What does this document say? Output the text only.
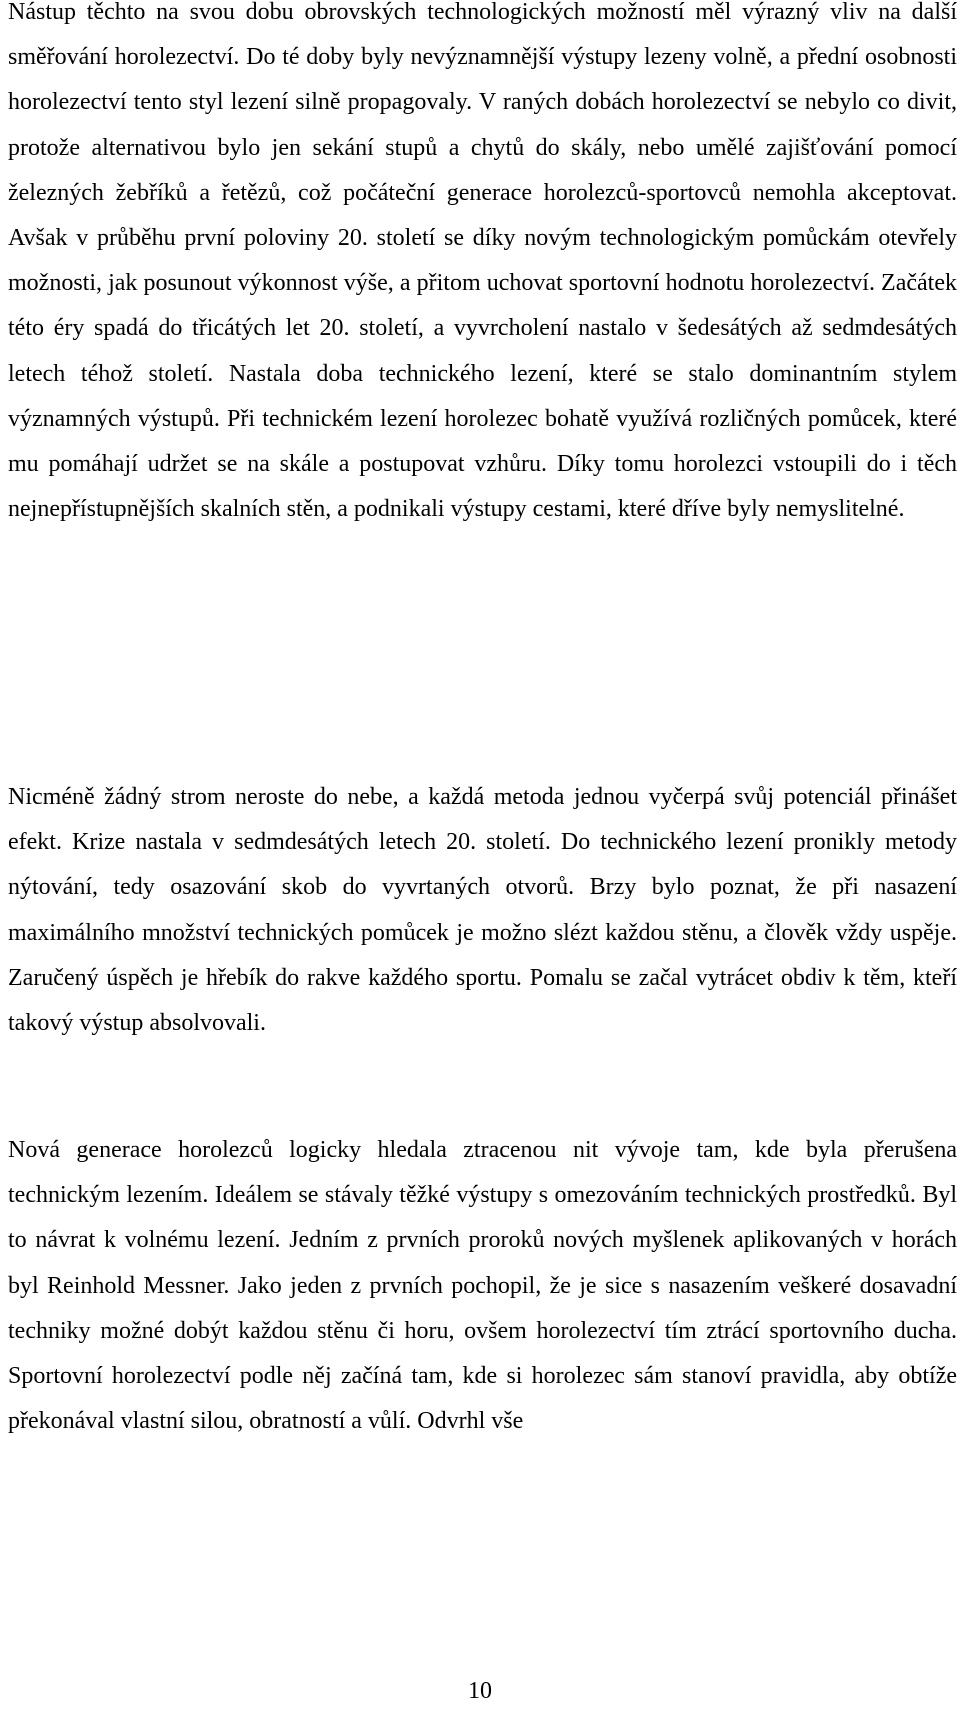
Nástup těchto na svou dobu obrovských technologických možností měl výrazný vliv na další směřování horolezectví. Do té doby byly nevýznamnější výstupy lezeny volně, a přední osobnosti horolezectví tento styl lezení silně propagovaly. V raných dobách horolezectví se nebylo co divit, protože alternativou bylo jen sekání stupů a chytů do skály, nebo umělé zajišťování pomocí železných žebříků a řetězů, což počáteční generace horolezců-sportovců nemohla akceptovat. Avšak v průběhu první poloviny 20. století se díky novým technologickým pomůckám otevřely možnosti, jak posunout výkonnost výše, a přitom uchovat sportovní hodnotu horolezectví. Začátek této éry spadá do třicátých let 20. století, a vyvrcholení nastalo v šedesátých až sedmdesátých letech téhož století. Nastala doba technického lezení, které se stalo dominantním stylem významných výstupů. Při technickém lezení horolezec bohatě využívá rozličných pomůcek, které mu pomáhají udržet se na skále a postupovat vzhůru. Díky tomu horolezci vstoupili do i těch nejnepřístupnějších skalních stěn, a podnikali výstupy cestami, které dříve byly nemyslitelné.

Nicméně žádný strom neroste do nebe, a každá metoda jednou vyčerpá svůj potenciál přinášet efekt. Krize nastala v sedmdesátých letech 20. století. Do technického lezení pronikly metody nýtování, tedy osazování skob do vyvrtaných otvorů. Brzy bylo poznat, že při nasazení maximálního množství technických pomůcek je možno slézt každou stěnu, a člověk vždy uspěje. Zaručený úspěch je hřebík do rakve každého sportu. Pomalu se začal vytrácet obdiv k těm, kteří takový výstup absolvovali.

Nová generace horolezců logicky hledala ztracenou nit vývoje tam, kde byla přerušena technickým lezením. Ideálem se stávaly těžké výstupy s omezováním technických prostředků. Byl to návrat k volnému lezení. Jedním z prvních proroků nových myšlenek aplikovaných v horách byl Reinhold Messner. Jako jeden z prvních pochopil, že je sice s nasazením veškeré dosavadní techniky možné dobýt každou stěnu či horu, ovšem horolezectví tím ztrácí sportovního ducha. Sportovní horolezectví podle něj začíná tam, kde si horolezec sám stanoví pravidla, aby obtíže překonával vlastní silou, obratností a vůlí. Odvrhl vše

10
